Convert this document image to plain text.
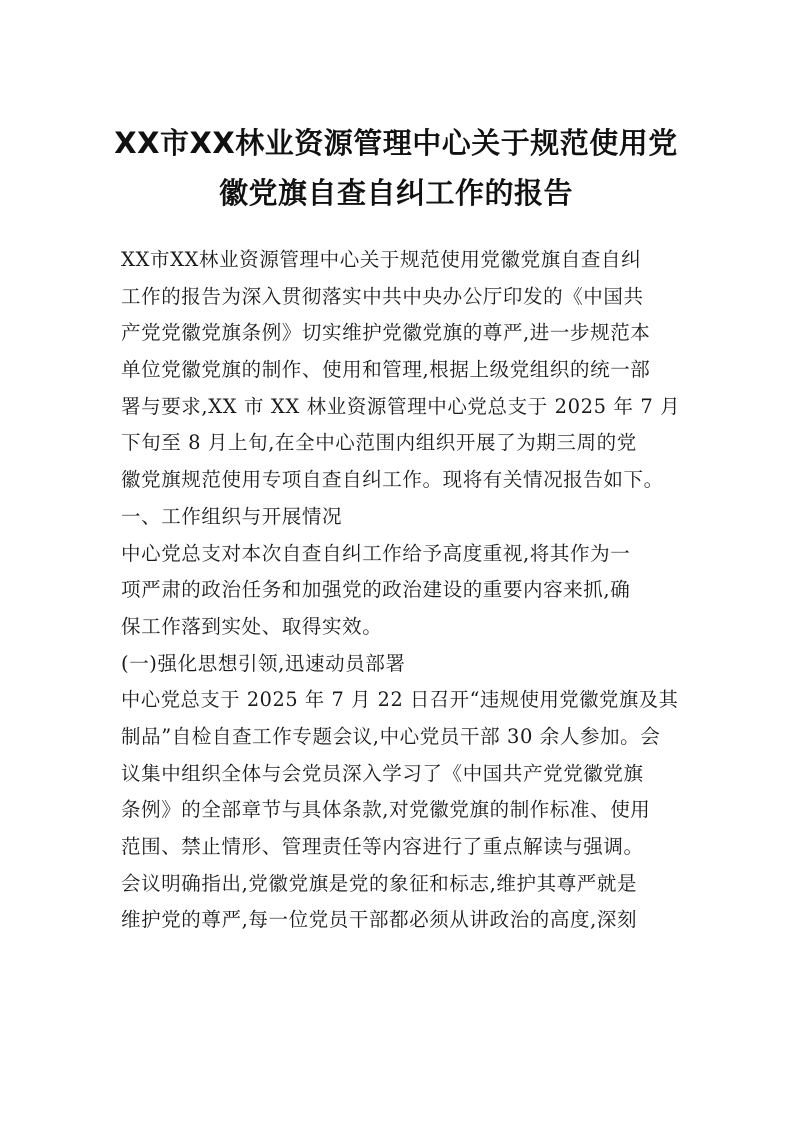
XX市XX林业资源管理中心关于规范使用党
徽党旗自查自纠工作的报告
XX市XX林业资源管理中心关于规范使用党徽党旗自查自纠
工作的报告为深入贯彻落实中共中央办公厅印发的《中国共
产党党徽党旗条例》切实维护党徽党旗的尊严,进一步规范本
单位党徽党旗的制作、使用和管理,根据上级党组织的统一部
署与要求,XX 市 XX 林业资源管理中心党总支于 2025 年 7 月
下旬至 8 月上旬,在全中心范围内组织开展了为期三周的党
徽党旗规范使用专项自查自纠工作。现将有关情况报告如下。
一、工作组织与开展情况
中心党总支对本次自查自纠工作给予高度重视,将其作为一
项严肃的政治任务和加强党的政治建设的重要内容来抓,确
保工作落到实处、取得实效。
(一)强化思想引领,迅速动员部署
中心党总支于 2025 年 7 月 22 日召开“违规使用党徽党旗及其
制品”自检自查工作专题会议,中心党员干部 30 余人参加。会
议集中组织全体与会党员深入学习了《中国共产党党徽党旗
条例》的全部章节与具体条款,对党徽党旗的制作标准、使用
范围、禁止情形、管理责任等内容进行了重点解读与强调。
会议明确指出,党徽党旗是党的象征和标志,维护其尊严就是
维护党的尊严,每一位党员干部都必须从讲政治的高度,深刻
